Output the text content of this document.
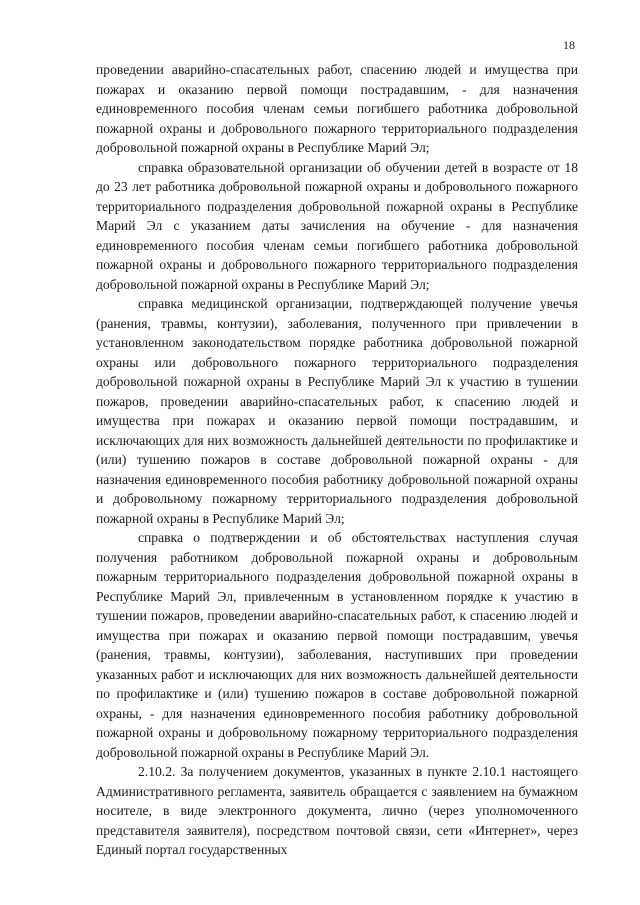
18

проведении аварийно-спасательных работ, спасению людей и имущества при пожарах и оказанию первой помощи пострадавшим, - для назначения единовременного пособия членам семьи погибшего работника добровольной пожарной охраны и добровольного пожарного территориального подразделения добровольной пожарной охраны в Республике Марий Эл;

справка образовательной организации об обучении детей в возрасте от 18 до 23 лет работника добровольной пожарной охраны и добровольного пожарного территориального подразделения добровольной пожарной охраны в Республике Марий Эл с указанием даты зачисления на обучение - для назначения единовременного пособия членам семьи погибшего работника добровольной пожарной охраны и добровольного пожарного территориального подразделения добровольной пожарной охраны в Республике Марий Эл;

справка медицинской организации, подтверждающей получение увечья (ранения, травмы, контузии), заболевания, полученного при привлечении в установленном законодательством порядке работника добровольной пожарной охраны или добровольного пожарного территориального подразделения добровольной пожарной охраны в Республике Марий Эл к участию в тушении пожаров, проведении аварийно-спасательных работ, к спасению людей и имущества при пожарах и оказанию первой помощи пострадавшим, и исключающих для них возможность дальнейшей деятельности по профилактике и (или) тушению пожаров в составе добровольной пожарной охраны - для назначения единовременного пособия работнику добровольной пожарной охраны и добровольному пожарному территориального подразделения добровольной пожарной охраны в Республике Марий Эл;

справка о подтверждении и об обстоятельствах наступления случая получения работником добровольной пожарной охраны и добровольным пожарным территориального подразделения добровольной пожарной охраны в Республике Марий Эл, привлеченным в установленном порядке к участию в тушении пожаров, проведении аварийно-спасательных работ, к спасению людей и имущества при пожарах и оказанию первой помощи пострадавшим, увечья (ранения, травмы, контузии), заболевания, наступивших при проведении указанных работ и исключающих для них возможность дальнейшей деятельности по профилактике и (или) тушению пожаров в составе добровольной пожарной охраны, - для назначения единовременного пособия работнику добровольной пожарной охраны и добровольному пожарному территориального подразделения добровольной пожарной охраны в Республике Марий Эл.

2.10.2. За получением документов, указанных в пункте 2.10.1 настоящего Административного регламента, заявитель обращается с заявлением на бумажном носителе, в виде электронного документа, лично (через уполномоченного представителя заявителя), посредством почтовой связи, сети «Интернет», через Единый портал государственных
